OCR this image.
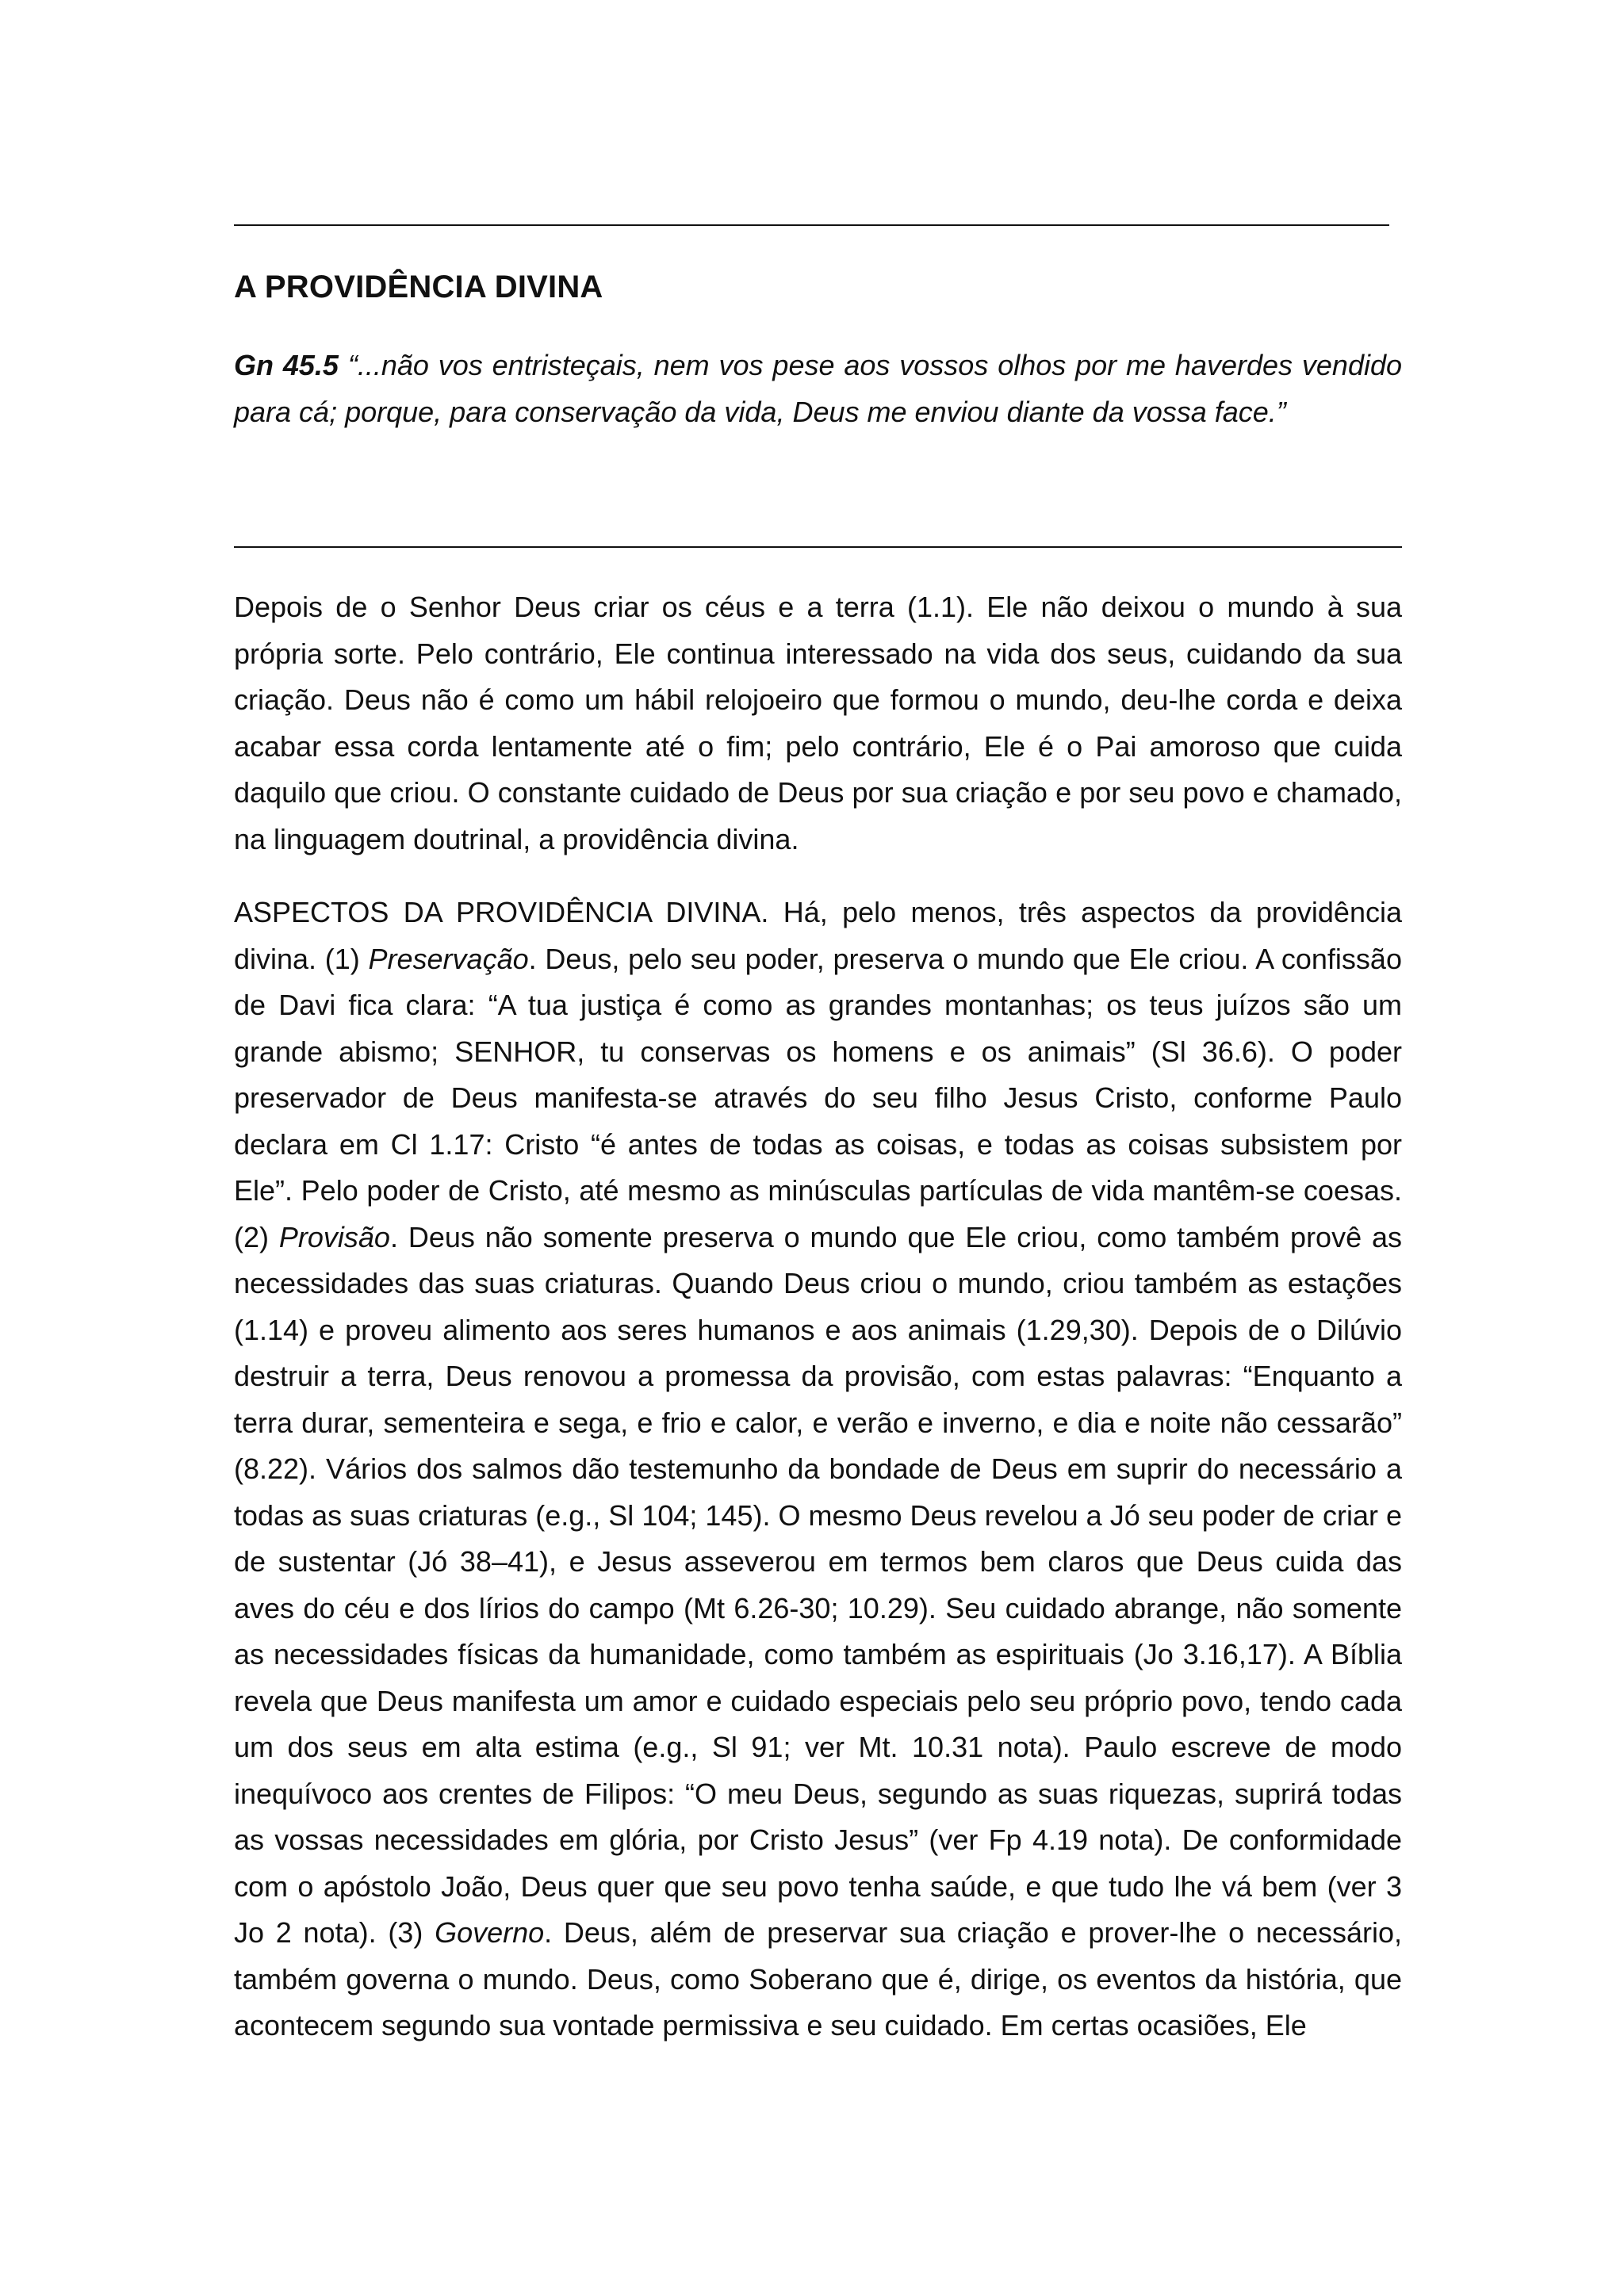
A PROVIDÊNCIA DIVINA

Gn 45.5 “...não vos entristeçais, nem vos pese aos vossos olhos por me haverdes vendido para cá; porque, para conservação da vida, Deus me enviou diante da vossa face.”

Depois de o Senhor Deus criar os céus e a terra (1.1). Ele não deixou o mundo à sua própria sorte. Pelo contrário, Ele continua interessado na vida dos seus, cuidando da sua criação. Deus não é como um hábil relojoeiro que formou o mundo, deu-lhe corda e deixa acabar essa corda lentamente até o fim; pelo contrário, Ele é o Pai amoroso que cuida daquilo que criou. O constante cuidado de Deus por sua criação e por seu povo e chamado, na linguagem doutrinal, a providência divina.

ASPECTOS DA PROVIDÊNCIA DIVINA. Há, pelo menos, três aspectos da providência divina. (1) Preservação. Deus, pelo seu poder, preserva o mundo que Ele criou. A confissão de Davi fica clara: “A tua justiça é como as grandes montanhas; os teus juízos são um grande abismo; SENHOR, tu conservas os homens e os animais” (Sl 36.6). O poder preservador de Deus manifesta-se através do seu filho Jesus Cristo, conforme Paulo declara em Cl 1.17: Cristo “é antes de todas as coisas, e todas as coisas subsistem por Ele”. Pelo poder de Cristo, até mesmo as minúsculas partículas de vida mantêm-se coesas. (2) Provisão. Deus não somente preserva o mundo que Ele criou, como também provê as necessidades das suas criaturas. Quando Deus criou o mundo, criou também as estações (1.14) e proveu alimento aos seres humanos e aos animais (1.29,30). Depois de o Dilúvio destruir a terra, Deus renovou a promessa da provisão, com estas palavras: “Enquanto a terra durar, sementeira e sega, e frio e calor, e verão e inverno, e dia e noite não cessarão” (8.22). Vários dos salmos dão testemunho da bondade de Deus em suprir do necessário a todas as suas criaturas (e.g., Sl 104; 145). O mesmo Deus revelou a Jó seu poder de criar e de sustentar (Jó 38–41), e Jesus asseverou em termos bem claros que Deus cuida das aves do céu e dos lírios do campo (Mt 6.26-30; 10.29). Seu cuidado abrange, não somente as necessidades físicas da humanidade, como também as espirituais (Jo 3.16,17). A Bíblia revela que Deus manifesta um amor e cuidado especiais pelo seu próprio povo, tendo cada um dos seus em alta estima (e.g., Sl 91; ver Mt. 10.31 nota). Paulo escreve de modo inequívoco aos crentes de Filipos: “O meu Deus, segundo as suas riquezas, suprirá todas as vossas necessidades em glória, por Cristo Jesus” (ver Fp 4.19 nota). De conformidade com o apóstolo João, Deus quer que seu povo tenha saúde, e que tudo lhe vá bem (ver 3 Jo 2 nota). (3) Governo. Deus, além de preservar sua criação e prover-lhe o necessário, também governa o mundo. Deus, como Soberano que é, dirige, os eventos da história, que acontecem segundo sua vontade permissiva e seu cuidado. Em certas ocasiões, Ele
